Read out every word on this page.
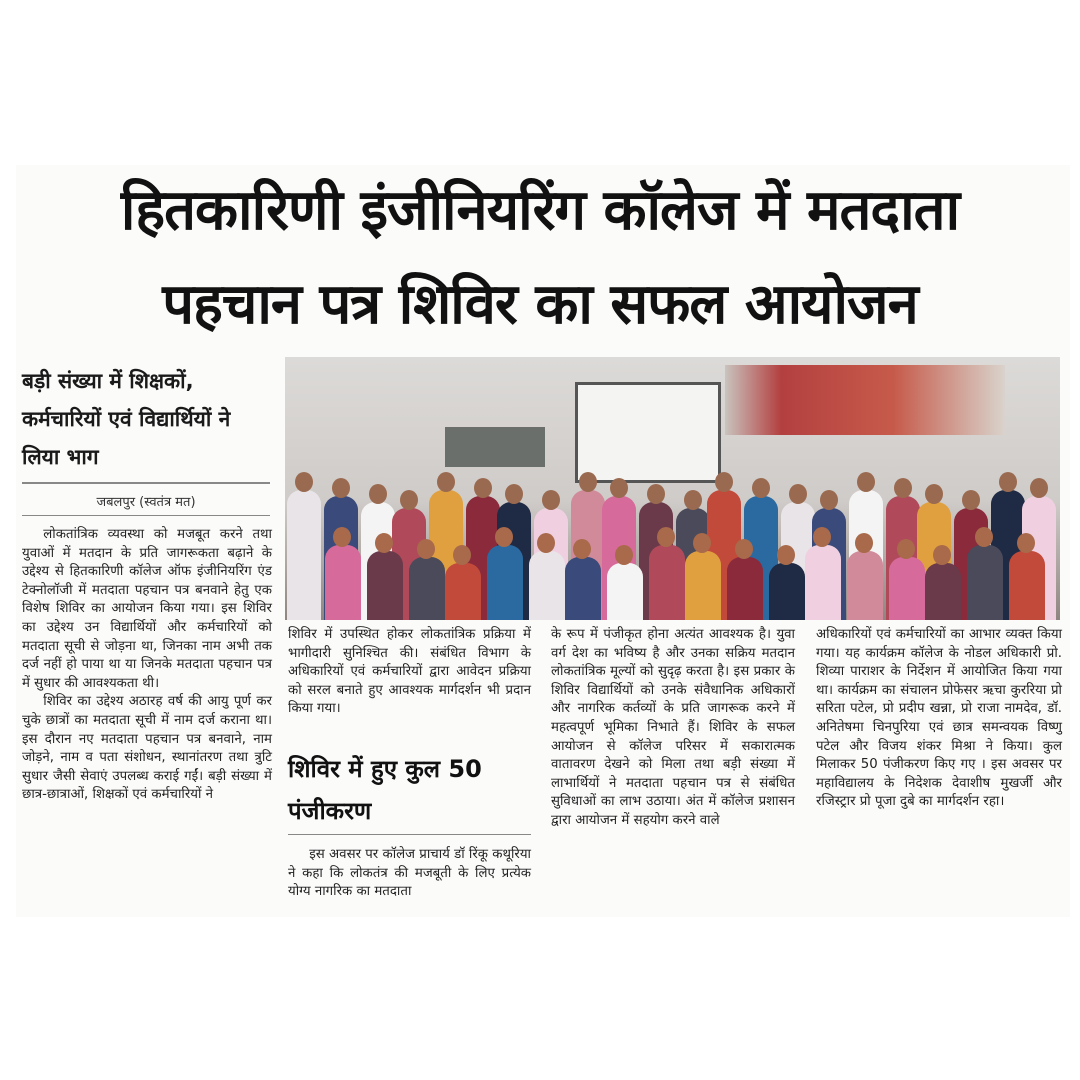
हितकारिणी इंजीनियरिंग कॉलेज में मतदाता
पहचान पत्र शिविर का सफल आयोजन
बड़ी संख्या में शिक्षकों, कर्मचारियों एवं विद्यार्थियों ने लिया भाग
जबलपुर (स्वतंत्र मत)

लोकतांत्रिक व्यवस्था को मजबूत करने तथा युवाओं में मतदान के प्रति जागरूकता बढ़ाने के उद्देश्य से हितकारिणी कॉलेज ऑफ इंजीनियरिंग एंड टेक्नोलॉजी में मतदाता पहचान पत्र बनवाने हेतु एक विशेष शिविर का आयोजन किया गया। इस शिविर का उद्देश्य उन विद्यार्थियों और कर्मचारियों को मतदाता सूची से जोड़ना था, जिनका नाम अभी तक दर्ज नहीं हो पाया था या जिनके मतदाता पहचान पत्र में सुधार की आवश्यकता थी।

शिविर का उद्देश्य अठारह वर्ष की आयु पूर्ण कर चुके छात्रों का मतदाता सूची में नाम दर्ज कराना था। इस दौरान नए मतदाता पहचान पत्र बनवाने, नाम जोड़ने, नाम व पता संशोधन, स्थानांतरण तथा त्रुटि सुधार जैसी सेवाएं उपलब्ध कराई गईं। बड़ी संख्या में छात्र-छात्राओं, शिक्षकों एवं कर्मचारियों ने

शिविर में उपस्थित होकर लोकतांत्रिक प्रक्रिया में भागीदारी सुनिश्चित की। संबंधित विभाग के अधिकारियों एवं कर्मचारियों द्वारा आवेदन प्रक्रिया को सरल बनाते हुए आवश्यक मार्गदर्शन भी प्रदान किया गया।

शिविर में हुए कुल 50 पंजीकरण

इस अवसर पर कॉलेज प्राचार्य डॉ रिंकू कथूरिया ने कहा कि लोकतंत्र की मजबूती के लिए प्रत्येक योग्य नागरिक का मतदाता

के रूप में पंजीकृत होना अत्यंत आवश्यक है। युवा वर्ग देश का भविष्य है और उनका सक्रिय मतदान लोकतांत्रिक मूल्यों को सुदृढ़ करता है। इस प्रकार के शिविर विद्यार्थियों को उनके संवैधानिक अधिकारों और नागरिक कर्तव्यों के प्रति जागरूक करने में महत्वपूर्ण भूमिका निभाते हैं। शिविर के सफल आयोजन से कॉलेज परिसर में सकारात्मक वातावरण देखने को मिला तथा बड़ी संख्या में लाभार्थियों ने मतदाता पहचान पत्र से संबंधित सुविधाओं का लाभ उठाया। अंत में कॉलेज प्रशासन द्वारा आयोजन में सहयोग करने वाले

अधिकारियों एवं कर्मचारियों का आभार व्यक्त किया गया। यह कार्यक्रम कॉलेज के नोडल अधिकारी प्रो. शिव्या पाराशर के निर्देशन में आयोजित किया गया था। कार्यक्रम का संचालन प्रोफेसर ऋचा कुररिया प्रो सरिता पटेल, प्रो प्रदीप खन्ना, प्रो राजा नामदेव, डॉ. अनितेषमा चिनपुरिया एवं छात्र समन्वयक विष्णु पटेल और विजय शंकर मिश्रा ने किया। कुल मिलाकर 50 पंजीकरण किए गए । इस अवसर पर महाविद्यालय के निदेशक देवाशीष मुखर्जी और रजिस्ट्रार प्रो पूजा दुबे का मार्गदर्शन रहा।
